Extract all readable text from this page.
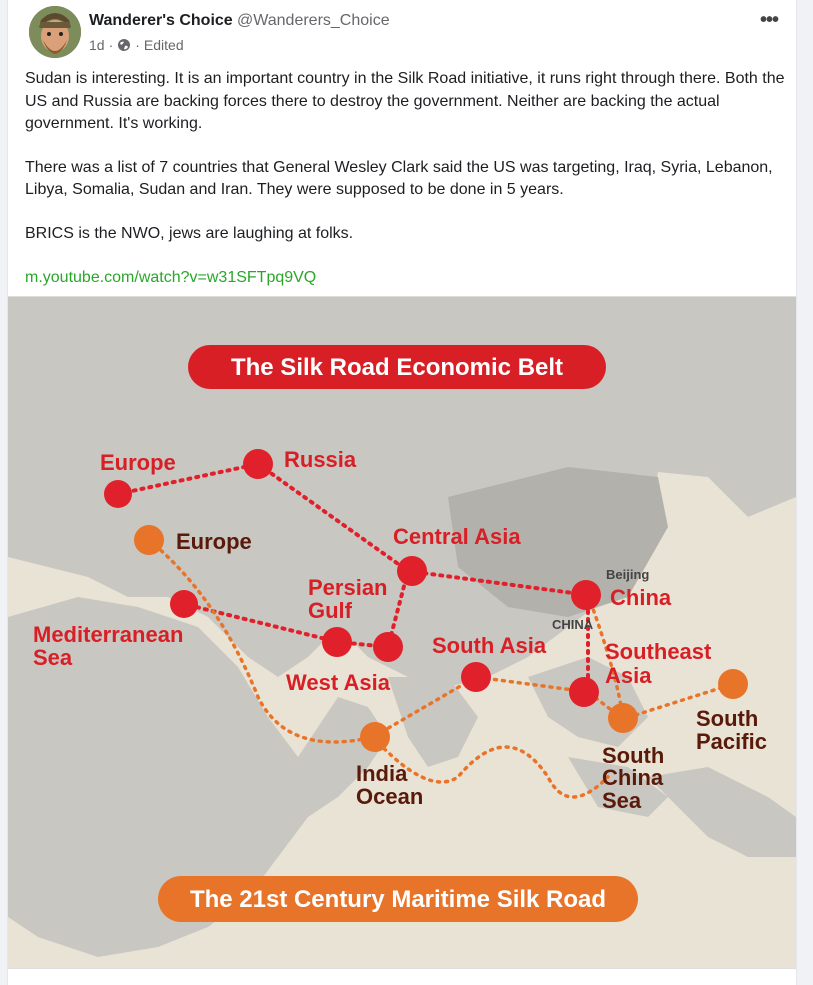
Wanderer's Choice @Wanderers_Choice
1d · · Edited
•••

Sudan is interesting. It is an important country in the Silk Road initiative, it runs right through there. Both the US and Russia are backing forces there to destroy the government. Neither are backing the actual government. It's working.

There was a list of 7 countries that General Wesley Clark said the US was targeting, Iraq, Syria, Lebanon, Libya, Somalia, Sudan and Iran. They were supposed to be done in 5 years.

BRICS is the NWO, jews are laughing at folks.

m.youtube.com/watch?v=w31SFTpq9VQ
The Silk Road Economic Belt
The 21st Century Maritime Silk Road
Europe	Russia
Central Asia
Persian
Gulf
Mediterranean
Sea
West Asia
South Asia
China
Southeast
Asia
Europe
India
Ocean
South
China
Sea
South
Pacific
Beijing
CHINA
